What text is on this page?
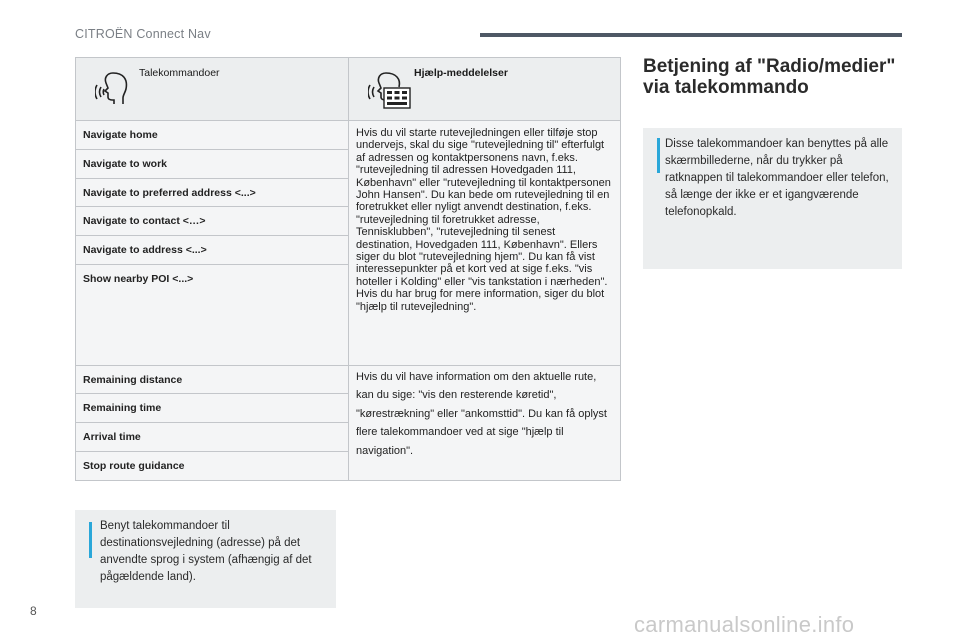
CITROËN Connect Nav
Talekommandoer	Hjælp-meddelelser

Navigate home	Hvis du vil starte rutevejledningen eller tilføje stop undervejs, skal du sige "rutevejledning til" efterfulgt af adressen og kontaktpersonens navn, f.eks. "rutevejledning til adressen Hovedgaden 111, København" eller "rutevejledning til kontaktpersonen John Hansen". Du kan bede om rutevejledning til en foretrukket eller nyligt anvendt destination, f.eks. "rutevejledning til foretrukket adresse, Tennisklubben", "rutevejledning til senest destination, Hovedgaden 111, København". Ellers siger du blot "rutevejledning hjem". Du kan få vist interessepunkter på et kort ved at sige f.eks. "vis hoteller i Kolding" eller "vis tankstation i nærheden". Hvis du har brug for mere information, siger du blot "hjælp til rutevejledning".
Navigate to work	
Navigate to preferred address <...>	
Navigate to contact <…>	
Navigate to address <...>	
Show nearby POI <...>	
Remaining distance	Hvis du vil have information om den aktuelle rute, kan du sige: "vis den resterende køretid", "kørestrækning" eller "ankomsttid". Du kan få oplyst flere talekommandoer ved at sige "hjælp til navigation".
Remaining time	
Arrival time	
Stop route guidance	
Benyt talekommandoer til destinationsvejledning (adresse) på det anvendte sprog i system (afhængig af det pågældende land).
Betjening af "Radio/medier" via talekommando
Disse talekommandoer kan benyttes på alle skærmbillederne, når du trykker på ratknappen til talekommandoer eller telefon, så længe der ikke er et igangværende telefonopkald.
8
carmanualsonline.info
